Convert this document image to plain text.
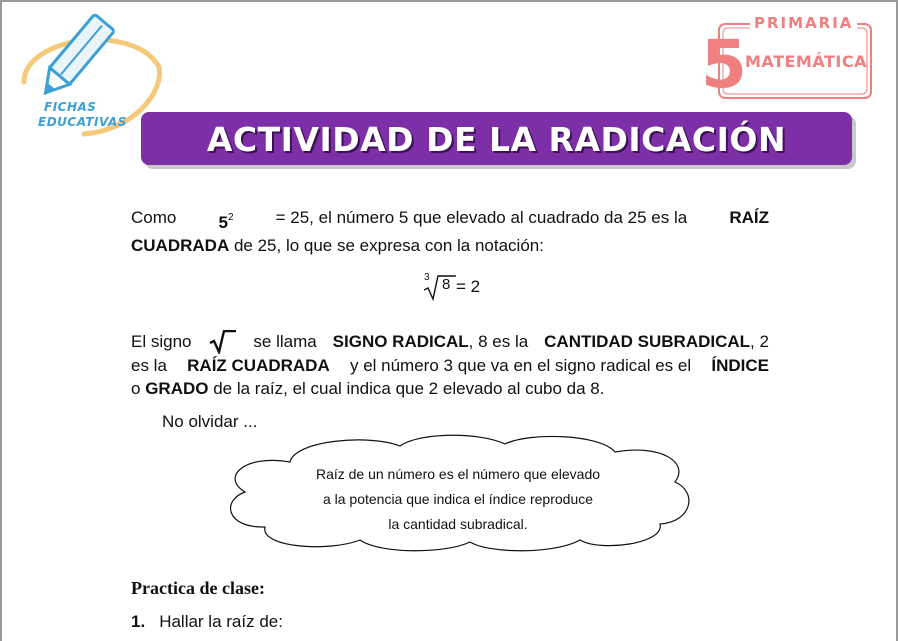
FICHAS
EDUCATIVAS
PRIMARIA
5
MATEMÁTICA
ACTIVIDAD DE LA RADICACIÓN
Como $5^2 = 25$, el número 5 que elevado al cuadrado da 25 es la RAÍZ
CUADRADA de 25, lo que se expresa con la notación:
3 8 = 2
El signo	se llama SIGNO RADICAL, 8 es la CANTIDAD SUBRADICAL, 2
es la RAÍZ CUADRADA y el número 3 que va en el signo radical es el ÍNDICE
o GRADO de la raíz, el cual indica que 2 elevado al cubo da 8.
No olvidar ...
Raíz de un número es el número que elevado
a la potencia que indica el índice reproduce
la cantidad subradical.
Practica de clase:
1. Hallar la raíz de:
